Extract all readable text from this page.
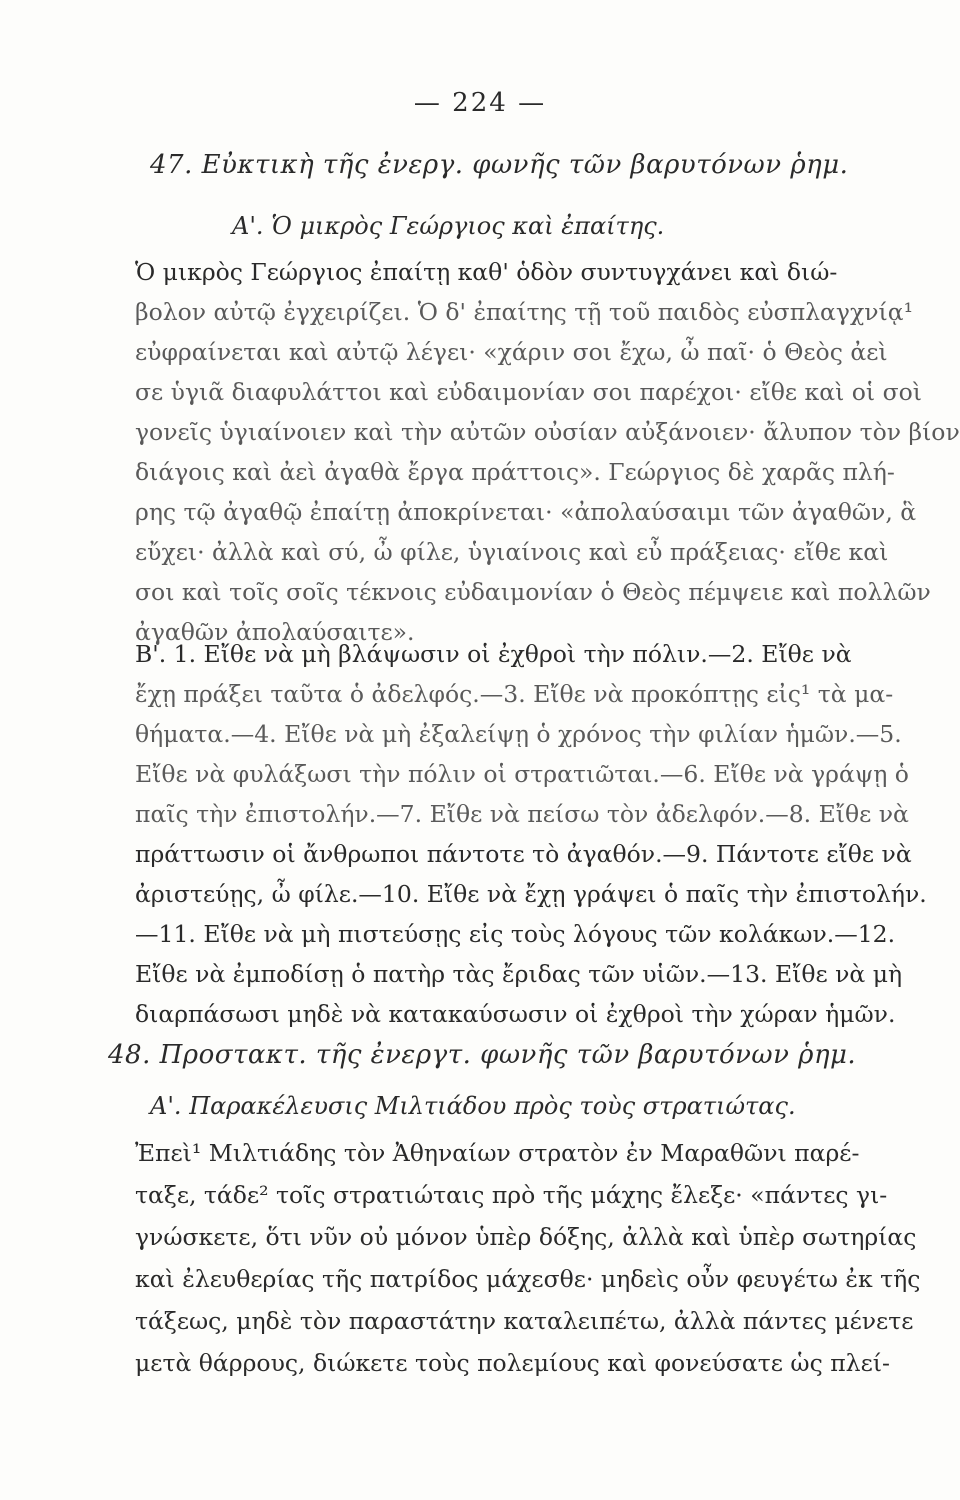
— 224 —
47. Εὐκτικὴ τῆς ἐνεργ. φωνῆς τῶν βαρυτόνων ῥημ.
Α'. Ὁ μικρὸς Γεώργιος καὶ ἐπαίτης.
Ὁ μικρὸς Γεώργιος ἐπαίτῃ καθ' ὁδὸν συντυγχάνει καὶ διώ-
βολον αὐτῷ ἐγχειρίζει. Ὁ δ' ἐπαίτης τῇ τοῦ παιδὸς εὐσπλαγχνίᾳ¹
εὐφραίνεται καὶ αὐτῷ λέγει· «χάριν σοι ἔχω, ὦ παῖ· ὁ Θεὸς ἀεὶ
σε ὑγιᾶ διαφυλάττοι καὶ εὐδαιμονίαν σοι παρέχοι· εἴθε καὶ οἱ σοὶ
γονεῖς ὑγιαίνοιεν καὶ τὴν αὐτῶν οὐσίαν αὐξάνοιεν· ἄλυπον τὸν βίον
διάγοις καὶ ἀεὶ ἀγαθὰ ἔργα πράττοις». Γεώργιος δὲ χαρᾶς πλή-
ρης τῷ ἀγαθῷ ἐπαίτῃ ἀποκρίνεται· «ἀπολαύσαιμι τῶν ἀγαθῶν, ἃ
εὔχει· ἀλλὰ καὶ σύ, ὦ φίλε, ὑγιαίνοις καὶ εὖ πράξειας· εἴθε καὶ
σοι καὶ τοῖς σοῖς τέκνοις εὐδαιμονίαν ὁ Θεὸς πέμψειε καὶ πολλῶν
ἀγαθῶν ἀπολαύσαιτε».
Β'. 1. Εἴθε νὰ μὴ βλάψωσιν οἱ ἐχθροὶ τὴν πόλιν.—2. Εἴθε νὰ
ἔχῃ πράξει ταῦτα ὁ ἀδελφός.—3. Εἴθε νὰ προκόπτῃς εἰς¹ τὰ μα-
θήματα.—4. Εἴθε νὰ μὴ ἐξαλείψῃ ὁ χρόνος τὴν φιλίαν ἡμῶν.—5.
Εἴθε νὰ φυλάξωσι τὴν πόλιν οἱ στρατιῶται.—6. Εἴθε νὰ γράψῃ ὁ
παῖς τὴν ἐπιστολήν.—7. Εἴθε νὰ πείσω τὸν ἀδελφόν.—8. Εἴθε νὰ
πράττωσιν οἱ ἄνθρωποι πάντοτε τὸ ἀγαθόν.—9. Πάντοτε εἴθε νὰ
ἀριστεύῃς, ὦ φίλε.—10. Εἴθε νὰ ἔχῃ γράψει ὁ παῖς τὴν ἐπιστολήν.
—11. Εἴθε νὰ μὴ πιστεύσῃς εἰς τοὺς λόγους τῶν κολάκων.—12.
Εἴθε νὰ ἐμποδίσῃ ὁ πατὴρ τὰς ἔριδας τῶν υἱῶν.—13. Εἴθε νὰ μὴ
διαρπάσωσι μηδὲ νὰ κατακαύσωσιν οἱ ἐχθροὶ τὴν χώραν ἡμῶν.
48. Προστακτ. τῆς ἐνεργτ. φωνῆς τῶν βαρυτόνων ῥημ.
Α'. Παρακέλευσις Μιλτιάδου πρὸς τοὺς στρατιώτας.
Ἐπεὶ¹ Μιλτιάδης τὸν Ἀθηναίων στρατὸν ἐν Μαραθῶνι παρέ-
ταξε, τάδε² τοῖς στρατιώταις πρὸ τῆς μάχης ἔλεξε· «πάντες γι-
γνώσκετε, ὅτι νῦν οὐ μόνον ὑπὲρ δόξης, ἀλλὰ καὶ ὑπὲρ σωτηρίας
καὶ ἐλευθερίας τῆς πατρίδος μάχεσθε· μηδεὶς οὖν φευγέτω ἐκ τῆς
τάξεως, μηδὲ τὸν παραστάτην καταλειπέτω, ἀλλὰ πάντες μένετε
μετὰ θάρρους, διώκετε τοὺς πολεμίους καὶ φονεύσατε ὡς πλεί-
